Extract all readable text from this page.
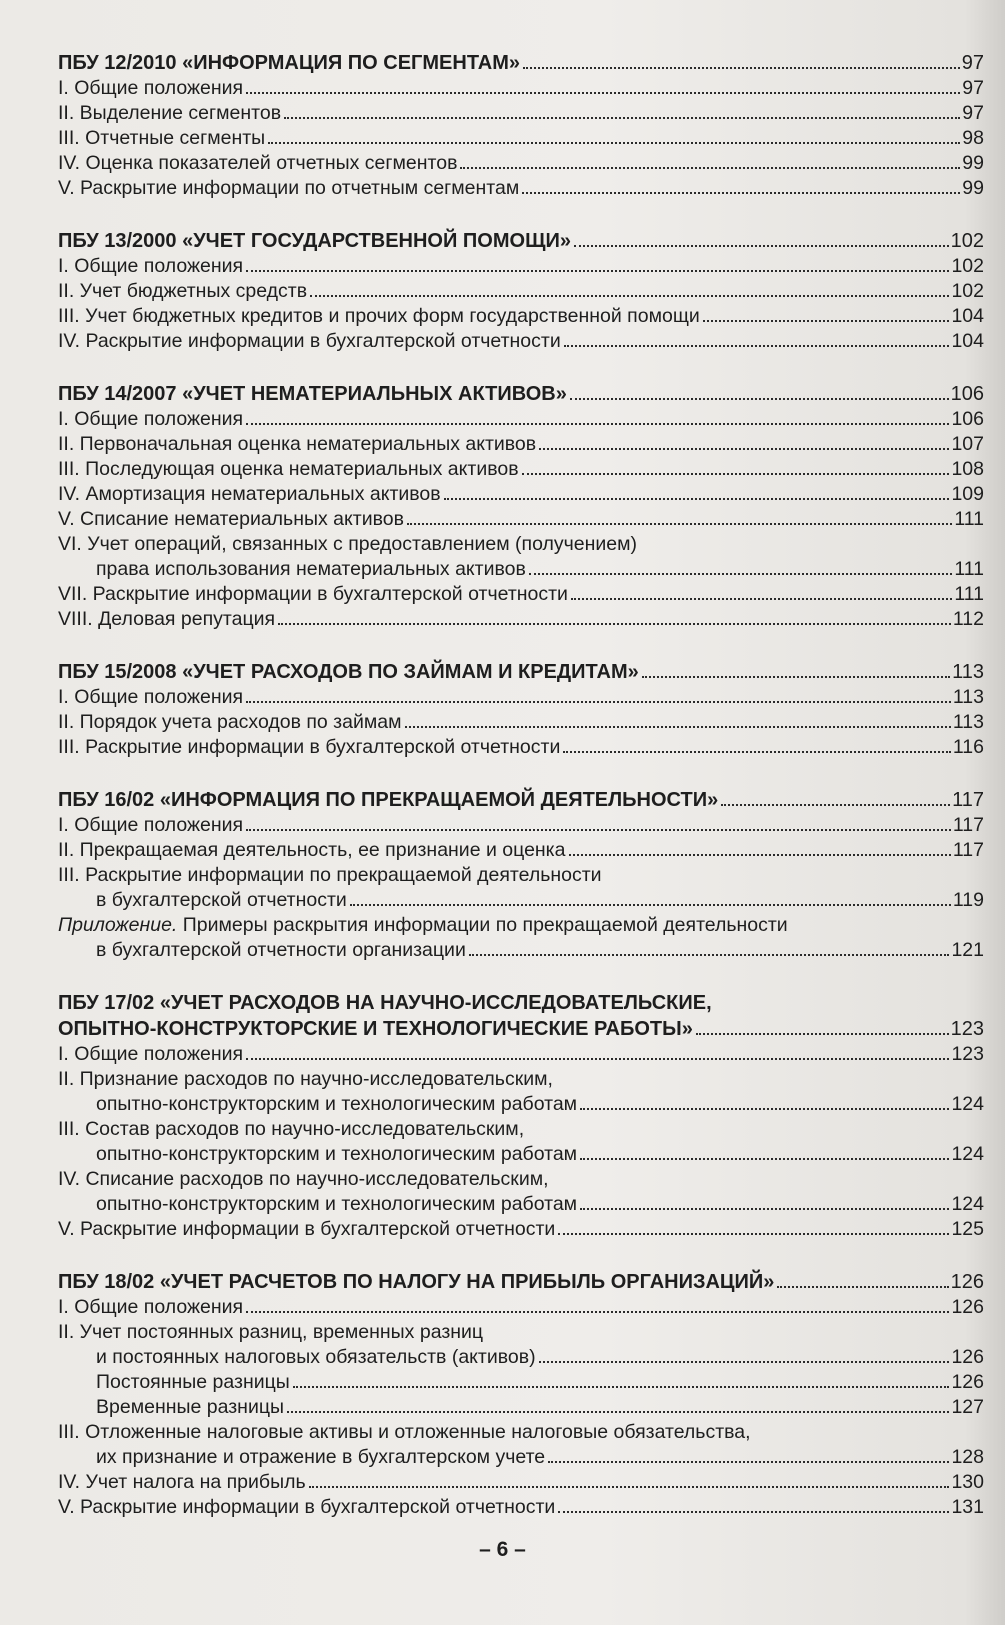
ПБУ 12/2010 «ИНФОРМАЦИЯ ПО СЕГМЕНТАМ»	97
I. Общие положения	97
II. Выделение сегментов	97
III. Отчетные сегменты	98
IV. Оценка показателей отчетных сегментов	99
V. Раскрытие информации по отчетным сегментам	99
ПБУ 13/2000 «УЧЕТ ГОСУДАРСТВЕННОЙ ПОМОЩИ»	102
I. Общие положения	102
II. Учет бюджетных средств	102
III. Учет бюджетных кредитов и прочих форм государственной помощи	104
IV. Раскрытие информации в бухгалтерской отчетности	104
ПБУ 14/2007 «УЧЕТ НЕМАТЕРИАЛЬНЫХ АКТИВОВ»	106
I. Общие положения	106
II. Первоначальная оценка нематериальных активов	107
III. Последующая оценка нематериальных активов	108
IV. Амортизация нематериальных активов	109
V. Списание нематериальных активов	111
VI. Учет операций, связанных с предоставлением (получением)
права использования нематериальных активов	111
VII. Раскрытие информации в бухгалтерской отчетности	111
VIII. Деловая репутация	112
ПБУ 15/2008 «УЧЕТ РАСХОДОВ ПО ЗАЙМАМ И КРЕДИТАМ»	113
I. Общие положения	113
II. Порядок учета расходов по займам	113
III. Раскрытие информации в бухгалтерской отчетности	116
ПБУ 16/02 «ИНФОРМАЦИЯ ПО ПРЕКРАЩАЕМОЙ ДЕЯТЕЛЬНОСТИ»	117
I. Общие положения	117
II. Прекращаемая деятельность, ее признание и оценка	117
III. Раскрытие информации по прекращаемой деятельности
в бухгалтерской отчетности	119
Приложение. Примеры раскрытия информации по прекращаемой деятельности
в бухгалтерской отчетности организации	121
ПБУ 17/02 «УЧЕТ РАСХОДОВ НА НАУЧНО-ИССЛЕДОВАТЕЛЬСКИЕ,
ОПЫТНО-КОНСТРУКТОРСКИЕ И ТЕХНОЛОГИЧЕСКИЕ РАБОТЫ»	123
I. Общие положения	123
II. Признание расходов по научно-исследовательским,
опытно-конструкторским и технологическим работам	124
III. Состав расходов по научно-исследовательским,
опытно-конструкторским и технологическим работам	124
IV. Списание расходов по научно-исследовательским,
опытно-конструкторским и технологическим работам	124
V. Раскрытие информации в бухгалтерской отчетности	125
ПБУ 18/02 «УЧЕТ РАСЧЕТОВ ПО НАЛОГУ НА ПРИБЫЛЬ ОРГАНИЗАЦИЙ»	126
I. Общие положения	126
II. Учет постоянных разниц, временных разниц
и постоянных налоговых обязательств (активов)	126
Постоянные разницы	126
Временные разницы	127
III. Отложенные налоговые активы и отложенные налоговые обязательства,
их признание и отражение в бухгалтерском учете	128
IV. Учет налога на прибыль	130
V. Раскрытие информации в бухгалтерской отчетности	131
– 6 –
